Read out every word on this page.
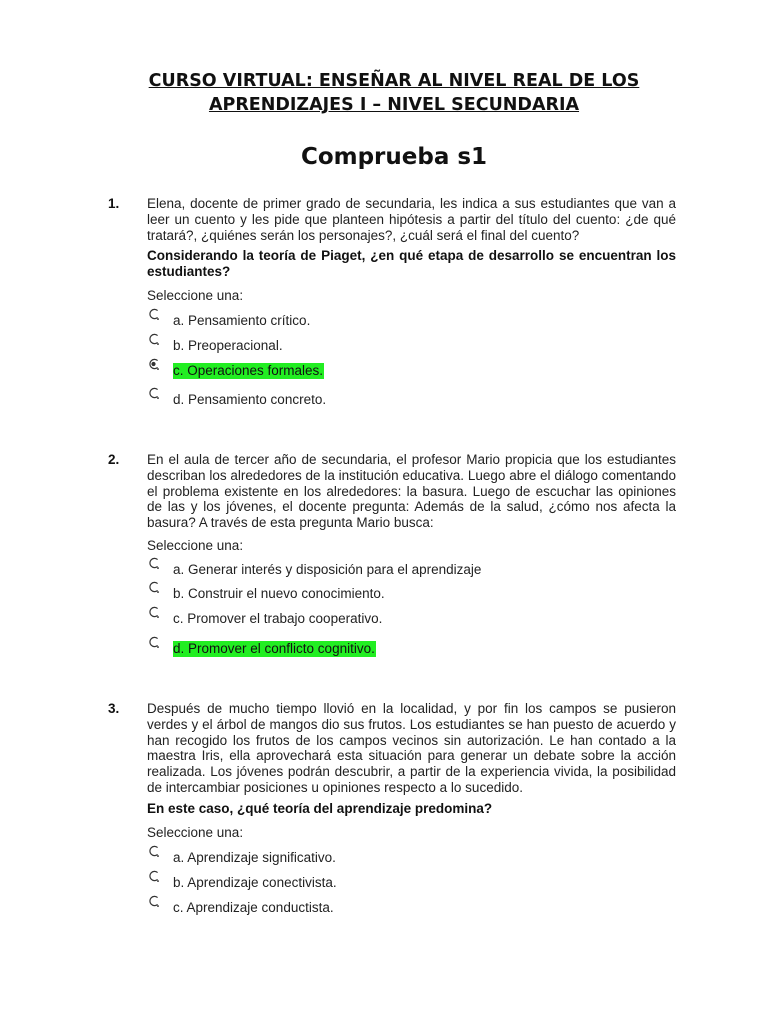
CURSO VIRTUAL: ENSEÑAR AL NIVEL REAL DE LOS
APRENDIZAJES I – NIVEL SECUNDARIA
Comprueba s1
1. Elena, docente de primer grado de secundaria, les indica a sus estudiantes que van a leer un cuento y les pide que planteen hipótesis a partir del título del cuento: ¿de qué tratará?, ¿quiénes serán los personajes?, ¿cuál será el final del cuento?
Considerando la teoría de Piaget, ¿en qué etapa de desarrollo se encuentran los estudiantes?
Seleccione una:
a. Pensamiento crítico.
b. Preoperacional.
c. Operaciones formales.
d. Pensamiento concreto.
2. En el aula de tercer año de secundaria, el profesor Mario propicia que los estudiantes describan los alrededores de la institución educativa. Luego abre el diálogo comentando el problema existente en los alrededores: la basura. Luego de escuchar las opiniones de las y los jóvenes, el docente pregunta: Además de la salud, ¿cómo nos afecta la basura? A través de esta pregunta Mario busca:
Seleccione una:
a. Generar interés y disposición para el aprendizaje
b. Construir el nuevo conocimiento.
c. Promover el trabajo cooperativo.
d. Promover el conflicto cognitivo.
3. Después de mucho tiempo llovió en la localidad, y por fin los campos se pusieron verdes y el árbol de mangos dio sus frutos. Los estudiantes se han puesto de acuerdo y han recogido los frutos de los campos vecinos sin autorización. Le han contado a la maestra Iris, ella aprovechará esta situación para generar un debate sobre la acción realizada. Los jóvenes podrán descubrir, a partir de la experiencia vivida, la posibilidad de intercambiar posiciones u opiniones respecto a lo sucedido.
En este caso, ¿qué teoría del aprendizaje predomina?
Seleccione una:
a. Aprendizaje significativo.
b. Aprendizaje conectivista.
c. Aprendizaje conductista.
